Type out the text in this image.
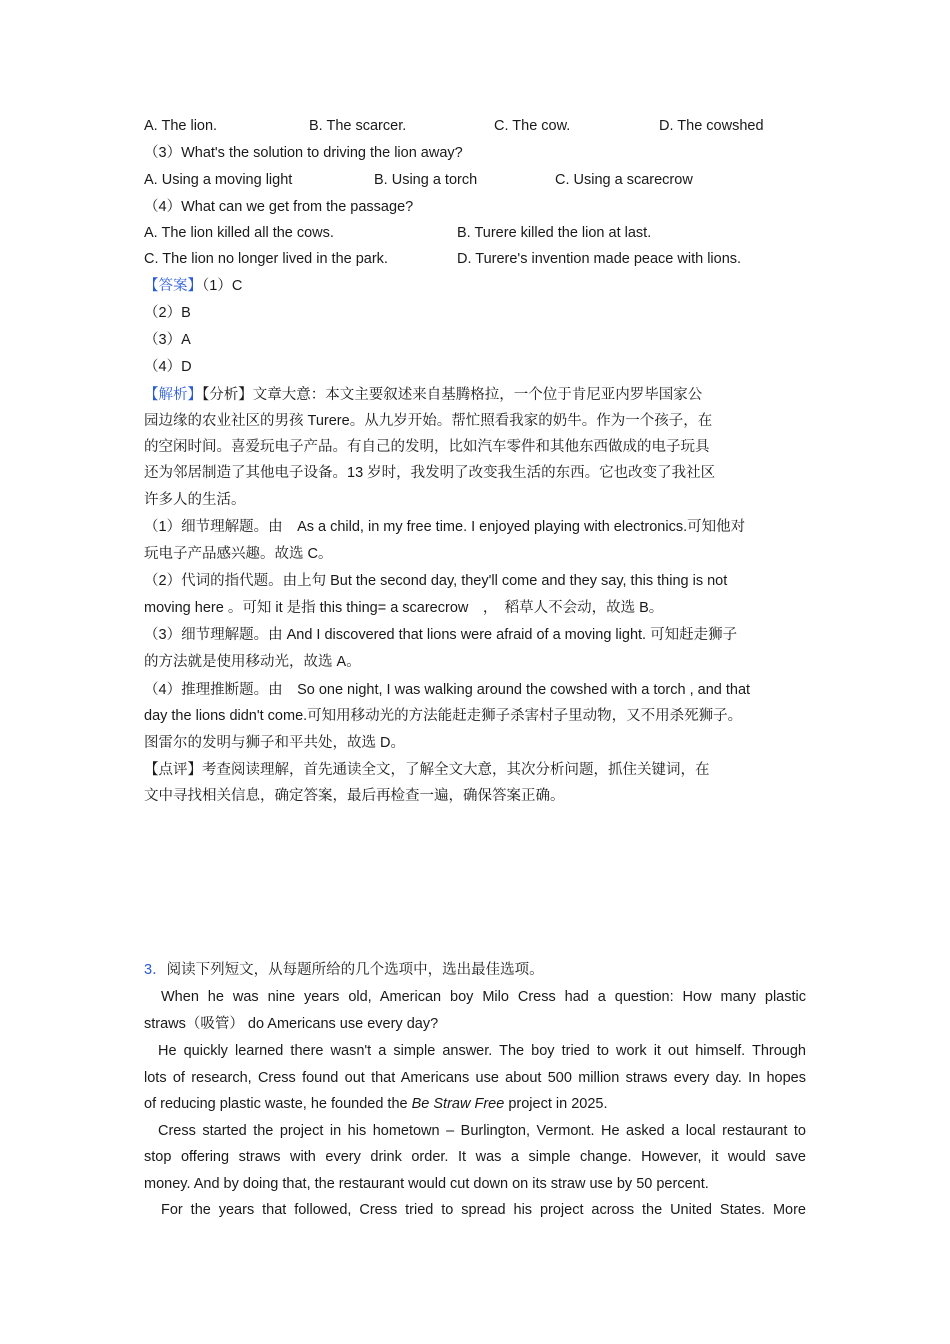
A. The lion.	B. The scarcer.	C. The cow.	D. The cowshed
（3）What's the solution to driving the lion away?
A. Using a moving light	B. Using a torch	C. Using a scarecrow
（4）What can we get from the passage?
A. The lion killed all the cows.	B. Turere killed the lion at last.
C. The lion no longer lived in the park.	D. Turere's invention made peace with lions.
【答案】（1）C
（2）B
（3）A
（4）D
【解析】【分析】文章大意：本文主要叙述来自基腾格拉，一个位于肯尼亚内罗毕国家公
园边缘的农业社区的男孩 Turere。从九岁开始。帮忙照看我家的奶牛。作为一个孩子，在
的空闲时间。喜爱玩电子产品。有自己的发明，比如汽车零件和其他东西做成的电子玩具
还为邻居制造了其他电子设备。13 岁时，我发明了改变我生活的东西。它也改变了我社区
许多人的生活。
（1）细节理解题。由　As a child, in my free time. I enjoyed playing with electronics.可知他对
玩电子产品感兴趣。故选 C。
（2）代词的指代题。由上句 But the second day, they'll come and they say, this thing is not
moving here 。可知 it 是指 this thing= a scarecrow　，　稻草人不会动，故选 B。
（3）细节理解题。由 And I discovered that lions were afraid of a moving light. 可知赶走狮子
的方法就是使用移动光，故选 A。
（4）推理推断题。由　So one night, I was walking around the cowshed with a torch , and that
day the lions didn't come.可知用移动光的方法能赶走狮子杀害村子里动物，又不用杀死狮子。
图雷尔的发明与狮子和平共处，故选 D。
【点评】考查阅读理解，首先通读全文，了解全文大意，其次分析问题，抓住关键词，在
文中寻找相关信息，确定答案，最后再检查一遍，确保答案正确。
3．阅读下列短文，从每题所给的几个选项中，选出最佳选项。
When he was nine years old, American boy Milo Cress had a question: How many plastic
straws（吸管） do Americans use every day?
He quickly learned there wasn't a simple answer. The boy tried to work it out himself. Through
lots of research, Cress found out that Americans use about 500 million straws every day. In hopes
of reducing plastic waste, he founded the Be Straw Free project in 2025.
Cress started the project in his hometown – Burlington, Vermont. He asked a local restaurant to
stop offering straws with every drink order. It was a simple change. However, it would save
money. And by doing that, the restaurant would cut down on its straw use by 50 percent.
For the years that followed, Cress tried to spread his project across the United States. More
